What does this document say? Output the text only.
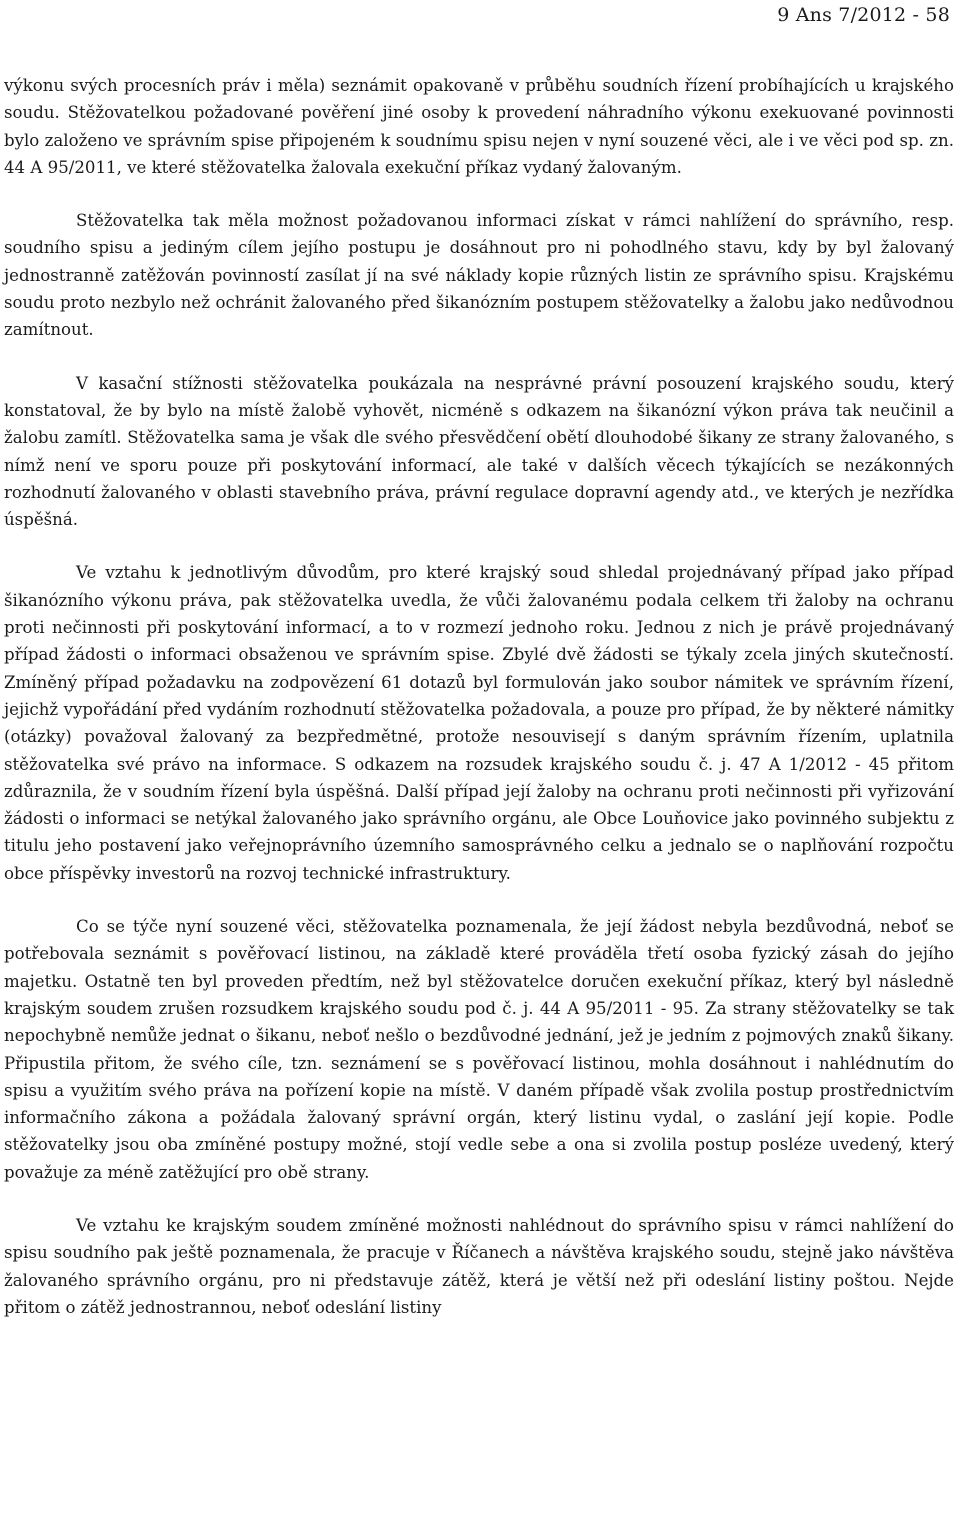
9 Ans 7/2012 - 58

výkonu svých procesních práv i měla) seznámit opakovaně v průběhu soudních řízení probíhajících u krajského soudu. Stěžovatelkou požadované pověření jiné osoby k provedení náhradního výkonu exekuované povinnosti bylo založeno ve správním spise připojeném k soudnímu spisu nejen v nyní souzené věci, ale i ve věci pod sp. zn. 44 A 95/2011, ve které stěžovatelka žalovala exekuční příkaz vydaný žalovaným.

Stěžovatelka tak měla možnost požadovanou informaci získat v rámci nahlížení do správního, resp. soudního spisu a jediným cílem jejího postupu je dosáhnout pro ni pohodlného stavu, kdy by byl žalovaný jednostranně zatěžován povinností zasílat jí na své náklady kopie různých listin ze správního spisu. Krajskému soudu proto nezbylo než ochránit žalovaného před šikanózním postupem stěžovatelky a žalobu jako nedůvodnou zamítnout.

V kasační stížnosti stěžovatelka poukázala na nesprávné právní posouzení krajského soudu, který konstatoval, že by bylo na místě žalobě vyhovět, nicméně s odkazem na šikanózní výkon práva tak neučinil a žalobu zamítl. Stěžovatelka sama je však dle svého přesvědčení obětí dlouhodobé šikany ze strany žalovaného, s nímž není ve sporu pouze při poskytování informací, ale také v dalších věcech týkajících se nezákonných rozhodnutí žalovaného v oblasti stavebního práva, právní regulace dopravní agendy atd., ve kterých je nezřídka úspěšná.

Ve vztahu k jednotlivým důvodům, pro které krajský soud shledal projednávaný případ jako případ šikanózního výkonu práva, pak stěžovatelka uvedla, že vůči žalovanému podala celkem tři žaloby na ochranu proti nečinnosti při poskytování informací, a to v rozmezí jednoho roku. Jednou z nich je právě projednávaný případ žádosti o informaci obsaženou ve správním spise. Zbylé dvě žádosti se týkaly zcela jiných skutečností. Zmíněný případ požadavku na zodpovězení 61 dotazů byl formulován jako soubor námitek ve správním řízení, jejichž vypořádání před vydáním rozhodnutí stěžovatelka požadovala, a pouze pro případ, že by některé námitky (otázky) považoval žalovaný za bezpředmětné, protože nesouvisejí s daným správním řízením, uplatnila stěžovatelka své právo na informace. S odkazem na rozsudek krajského soudu č. j. 47 A 1/2012 - 45 přitom zdůraznila, že v soudním řízení byla úspěšná. Další případ její žaloby na ochranu proti nečinnosti při vyřizování žádosti o informaci se netýkal žalovaného jako správního orgánu, ale Obce Louňovice jako povinného subjektu z titulu jeho postavení jako veřejnoprávního územního samosprávného celku a jednalo se o naplňování rozpočtu obce příspěvky investorů na rozvoj technické infrastruktury.

Co se týče nyní souzené věci, stěžovatelka poznamenala, že její žádost nebyla bezdůvodná, neboť se potřebovala seznámit s pověřovací listinou, na základě které prováděla třetí osoba fyzický zásah do jejího majetku. Ostatně ten byl proveden předtím, než byl stěžovatelce doručen exekuční příkaz, který byl následně krajským soudem zrušen rozsudkem krajského soudu pod č. j. 44 A 95/2011 - 95. Za strany stěžovatelky se tak nepochybně nemůže jednat o šikanu, neboť nešlo o bezdůvodné jednání, jež je jedním z pojmových znaků šikany. Připustila přitom, že svého cíle, tzn. seznámení se s pověřovací listinou, mohla dosáhnout i nahlédnutím do spisu a využitím svého práva na pořízení kopie na místě. V daném případě však zvolila postup prostřednictvím informačního zákona a požádala žalovaný správní orgán, který listinu vydal, o zaslání její kopie. Podle stěžovatelky jsou oba zmíněné postupy možné, stojí vedle sebe a ona si zvolila postup posléze uvedený, který považuje za méně zatěžující pro obě strany.

Ve vztahu ke krajským soudem zmíněné možnosti nahlédnout do správního spisu v rámci nahlížení do spisu soudního pak ještě poznamenala, že pracuje v Říčanech a návštěva krajského soudu, stejně jako návštěva žalovaného správního orgánu, pro ni představuje zátěž, která je větší než při odeslání listiny poštou. Nejde přitom o zátěž jednostrannou, neboť odeslání listiny
